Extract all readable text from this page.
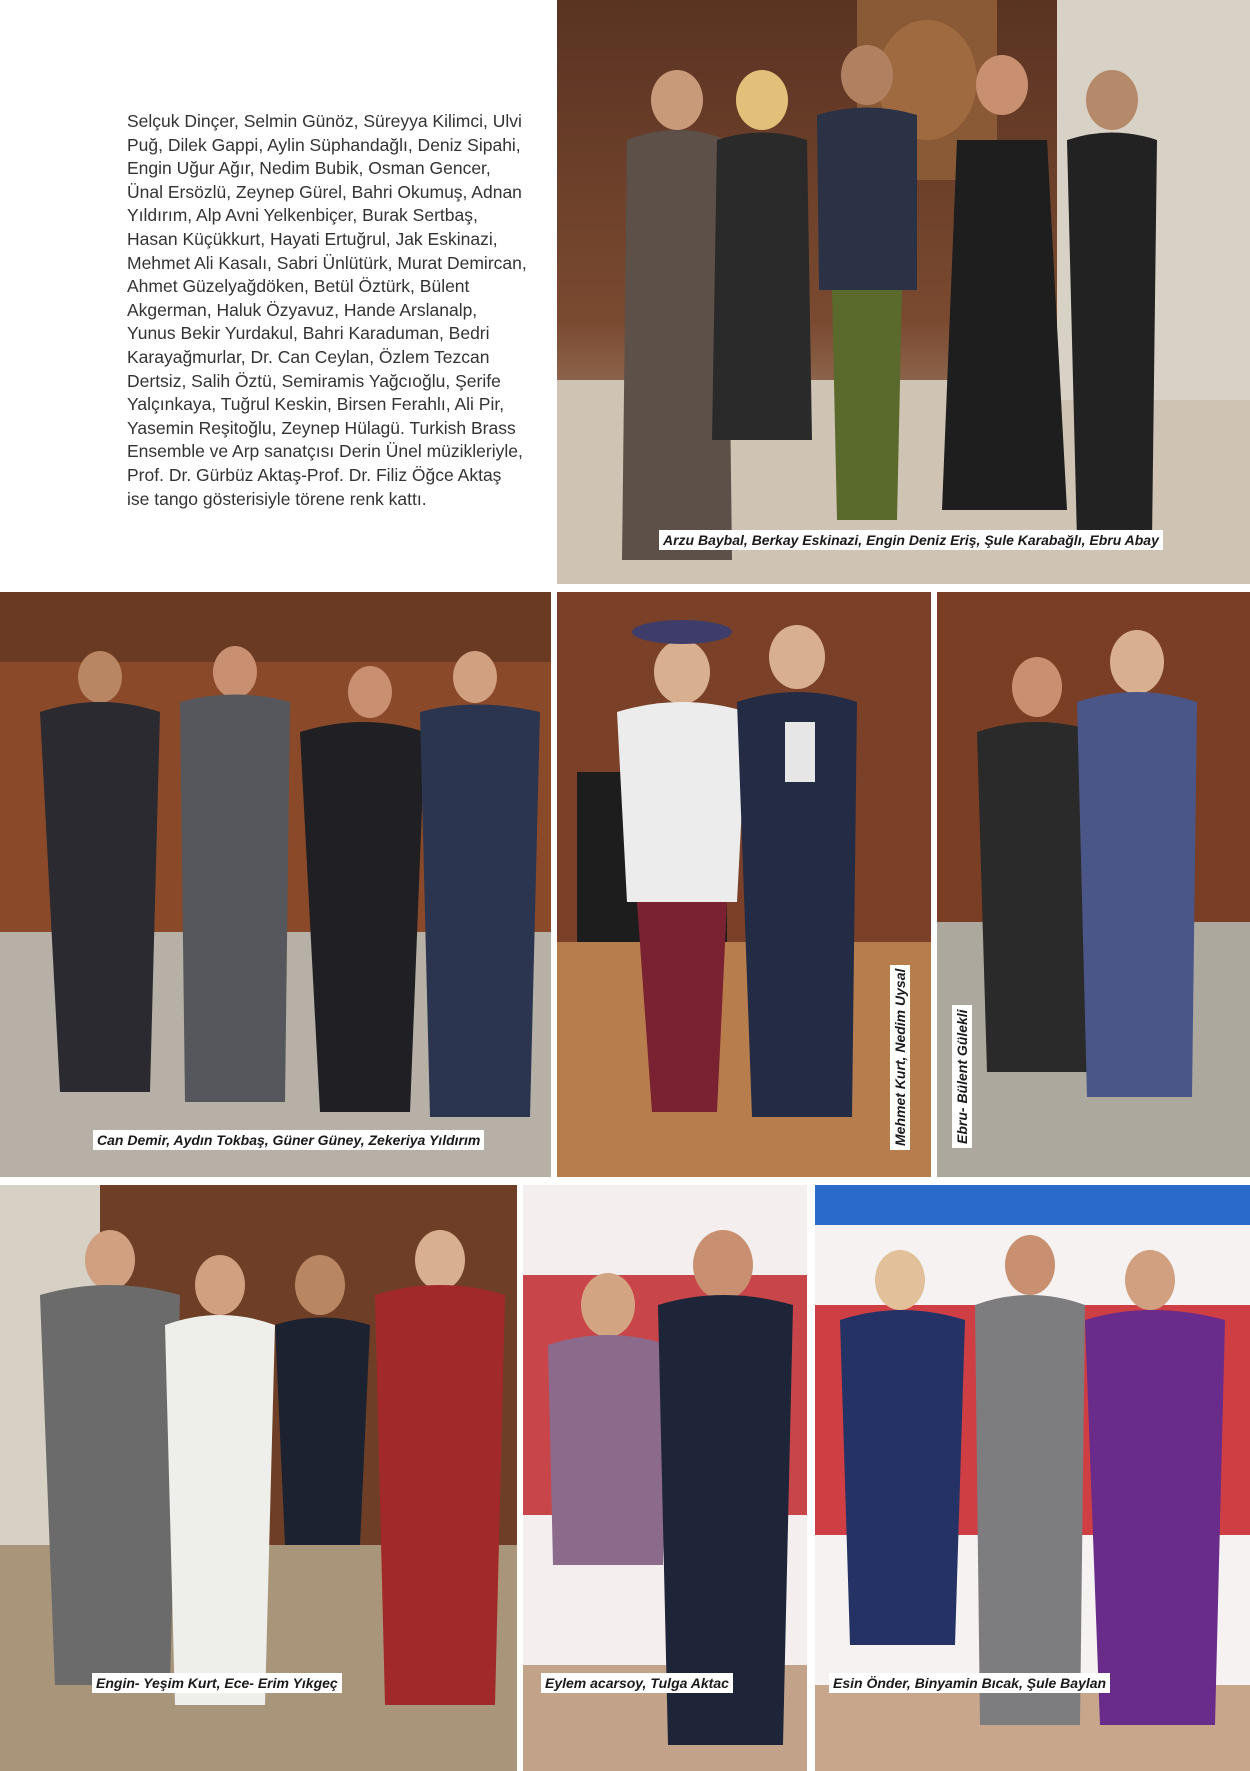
Selçuk Dinçer, Selmin Günöz, Süreyya Kilimci, Ulvi Puğ, Dilek Gappi, Aylin Süphandağlı, Deniz Sipahi, Engin Uğur Ağır, Nedim Bubik, Osman Gencer, Ünal Ersözlü, Zeynep Gürel, Bahri Okumuş, Adnan Yıldırım, Alp Avni Yelkenbiçer, Burak Sertbaş, Hasan Küçükkurt, Hayati Ertuğrul, Jak Eskinazi, Mehmet Ali Kasalı, Sabri Ünlütürk, Murat Demircan, Ahmet Güzelyağdöken, Betül Öztürk, Bülent Akgerman, Haluk Özyavuz, Hande Arslanalp, Yunus Bekir Yurdakul, Bahri Karaduman, Bedri Karayağmurlar, Dr. Can Ceylan, Özlem Tezcan Dertsiz, Salih Öztü, Semiramis Yağcıoğlu, Şerife Yalçınkaya, Tuğrul Keskin, Birsen Ferahlı, Ali Pir, Yasemin Reşitoğlu, Zeynep Hülagü. Turkish Brass Ensemble ve Arp sanatçısı Derin Ünel müzikleriyle, Prof. Dr. Gürbüz Aktaş-Prof. Dr. Filiz Öğce Aktaş ise tango gösterisiyle törene renk kattı.

Arzu Baybal, Berkay Eskinazi, Engin Deniz Eriş, Şule Karabağlı, Ebru Abay
Can Demir, Aydın Tokbaş, Güner Güney, Zekeriya Yıldırım	Mehmet Kurt, Nedim Uysal	Ebru- Bülent Gülekli
Engin- Yeşim Kurt, Ece- Erim Yıkgeç	Eylem acarsoy, Tulga Aktac	Esin Önder, Binyamin Bıcak, Şule Baylan
